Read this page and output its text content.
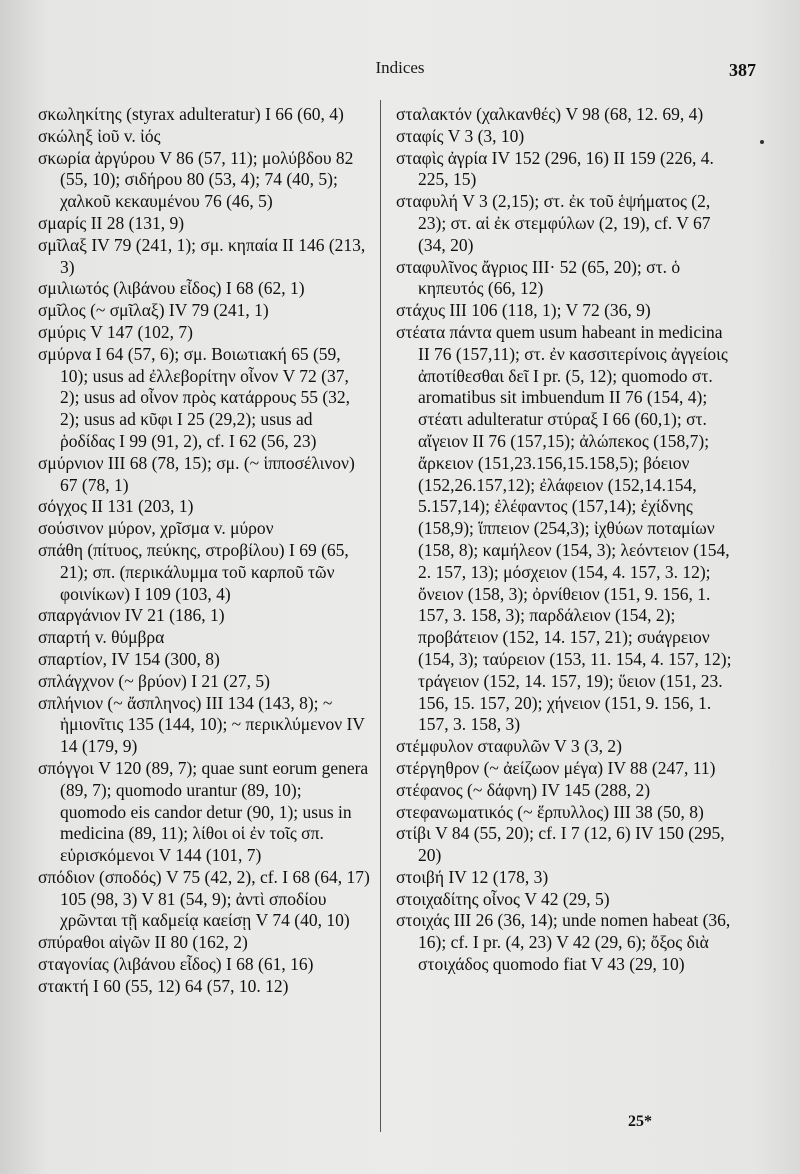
Indices	387

σκωληκίτης (styrax adulteratur) I 66 (60, 4)

σκώληξ ἰοῦ v. ἰός

σκωρία ἀργύρου V 86 (57, 11); μολύβδου 82 (55, 10); σιδήρου 80 (53, 4); 74 (40, 5); χαλκοῦ κεκαυμένου 76 (46, 5)

σμαρίς II 28 (131, 9)

σμῖλαξ IV 79 (241, 1); σμ. κηπαία II 146 (213, 3)

σμιλιωτός (λιβάνου εἶδος) I 68 (62, 1)

σμῖλος (~ σμῖλαξ) IV 79 (241, 1)

σμύρις V 147 (102, 7)

σμύρνα I 64 (57, 6); σμ. Βοιωτιακή 65 (59, 10); usus ad ἐλλεβορίτην οἶνον V 72 (37, 2); usus ad οἶνον πρὸς κατάρρους 55 (32, 2); usus ad κῦφι I 25 (29,2); usus ad ῥοδίδας I 99 (91, 2), cf. I 62 (56, 23)

σμύρνιον III 68 (78, 15); σμ. (~ ἱπποσέλινον) 67 (78, 1)

σόγχος II 131 (203, 1)

σούσινον μύρον, χρῖσμα v. μύρον

σπάθη (πίτυος, πεύκης, στροβίλου) I 69 (65, 21); σπ. (περικάλυμμα τοῦ καρποῦ τῶν φοινίκων) I 109 (103, 4)

σπαργάνιον IV 21 (186, 1)

σπαρτή v. θύμβρα

σπαρτίον, IV 154 (300, 8)

σπλάγχνον (~ βρύον) I 21 (27, 5)

σπλήνιον (~ ἄσπληνος) III 134 (143, 8); ~ ἡμιονῖτις 135 (144, 10); ~ περικλύμενον IV 14 (179, 9)

σπόγγοι V 120 (89, 7); quae sunt eorum genera (89, 7); quomodo urantur (89, 10); quomodo eis candor detur (90, 1); usus in medicina (89, 11); λίθοι οἱ ἐν τοῖς σπ. εὑρισκόμενοι V 144 (101, 7)

σπόδιον (σποδός) V 75 (42, 2), cf. I 68 (64, 17) 105 (98, 3) V 81 (54, 9); ἀντὶ σποδίου χρῶνται τῇ καδμείᾳ καείσῃ V 74 (40, 10)

σπύραθοι αἰγῶν II 80 (162, 2)

σταγονίας (λιβάνου εἶδος) I 68 (61, 16)

στακτή I 60 (55, 12) 64 (57, 10. 12)

σταλακτόν (χαλκανθές) V 98 (68, 12. 69, 4)

σταφίς V 3 (3, 10)

σταφὶς ἀγρία IV 152 (296, 16) II 159 (226, 4. 225, 15)

σταφυλή V 3 (2,15); στ. ἐκ τοῦ ἑψήματος (2, 23); στ. αἱ ἐκ στεμφύλων (2, 19), cf. V 67 (34, 20)

σταφυλῖνος ἄγριος III· 52 (65, 20); στ. ὁ κηπευτός (66, 12)

στάχυς III 106 (118, 1); V 72 (36, 9)

στέατα πάντα quem usum habeant in medicina II 76 (157,11); στ. ἐν κασσιτερίνοις ἀγγείοις ἀποτίθεσθαι δεῖ I pr. (5, 12); quomodo στ. aromatibus sit imbuendum II 76 (154, 4); στέατι adulteratur στύραξ I 66 (60,1); στ. αἴγειον II 76 (157,15); ἀλώπεκος (158,7); ἄρκειον (151,23.156,15.158,5); βόειον (152,26.157,12); ἐλάφειον (152,14.154, 5.157,14); ἐλέφαντος (157,14); ἐχίδνης (158,9); ἵππειον (254,3); ἰχθύων ποταμίων (158, 8); καμήλεον (154, 3); λεόντειον (154, 2. 157, 13); μόσχειον (154, 4. 157, 3. 12); ὄνειον (158, 3); ὀρνίθειον (151, 9. 156, 1. 157, 3. 158, 3); παρδάλειον (154, 2); προβάτειον (152, 14. 157, 21); συάγρειον (154, 3); ταύρειον (153, 11. 154, 4. 157, 12); τράγειον (152, 14. 157, 19); ὕειον (151, 23. 156, 15. 157, 20); χήνειον (151, 9. 156, 1. 157, 3. 158, 3)

στέμφυλον σταφυλῶν V 3 (3, 2)

στέργηθρον (~ ἀείζωον μέγα) IV 88 (247, 11)

στέφανος (~ δάφνη) IV 145 (288, 2)

στεφανωματικός (~ ἕρπυλλος) III 38 (50, 8)

στίβι V 84 (55, 20); cf. I 7 (12, 6) IV 150 (295, 20)

στοιβή IV 12 (178, 3)

στοιχαδίτης οἶνος V 42 (29, 5)

στοιχάς III 26 (36, 14); unde nomen habeat (36, 16); cf. I pr. (4, 23) V 42 (29, 6); ὄξος διὰ στοιχάδος quomodo fiat V 43 (29, 10)

25*
